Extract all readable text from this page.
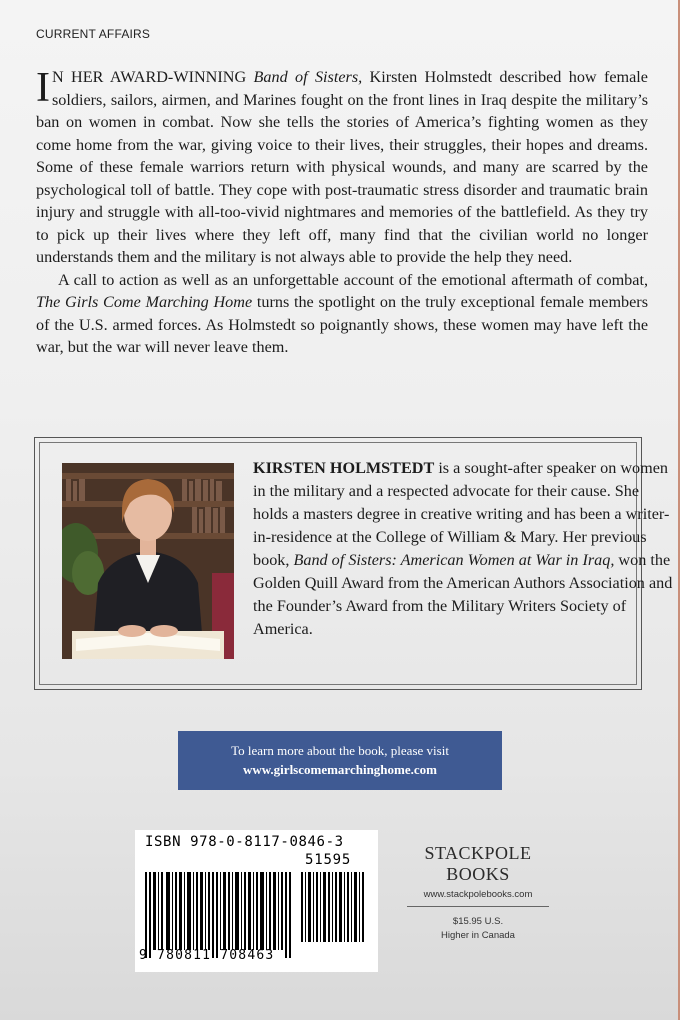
CURRENT AFFAIRS

I N HER AWARD-WINNING Band of Sisters, Kirsten Holmstedt described how female soldiers, sailors, airmen, and Marines fought on the front lines in Iraq despite the military’s ban on women in combat. Now she tells the stories of America’s fighting women as they come home from the war, giving voice to their lives, their struggles, their hopes and dreams. Some of these female warriors return with physical wounds, and many are scarred by the psychological toll of battle. They cope with post-traumatic stress disorder and traumatic brain injury and struggle with all-too-vivid nightmares and memories of the battlefield. As they try to pick up their lives where they left off, many find that the civilian world no longer understands them and the military is not always able to provide the help they need.

A call to action as well as an unforgettable account of the emotional aftermath of combat, The Girls Come Marching Home turns the spotlight on the truly exceptional female members of the U.S. armed forces. As Holmstedt so poignantly shows, these women may have left the war, but the war will never leave them.

KIRSTEN HOLMSTEDT is a sought-after speaker on women in the military and a respected advocate for their cause. She holds a masters degree in creative writing and has been a writer-in-residence at the College of William & Mary. Her previous book, Band of Sisters: American Women at War in Iraq, won the Golden Quill Award from the American Authors Association and the Founder’s Award from the Military Writers Society of America.
To learn more about the book, please visit
www.girlscomemarchinghome.com
ISBN 978-0-8117-0846-3
51595
9 780811 708463
STACKPOLE
BOOKS
www.stackpolebooks.com
$15.95 U.S.
Higher in Canada
